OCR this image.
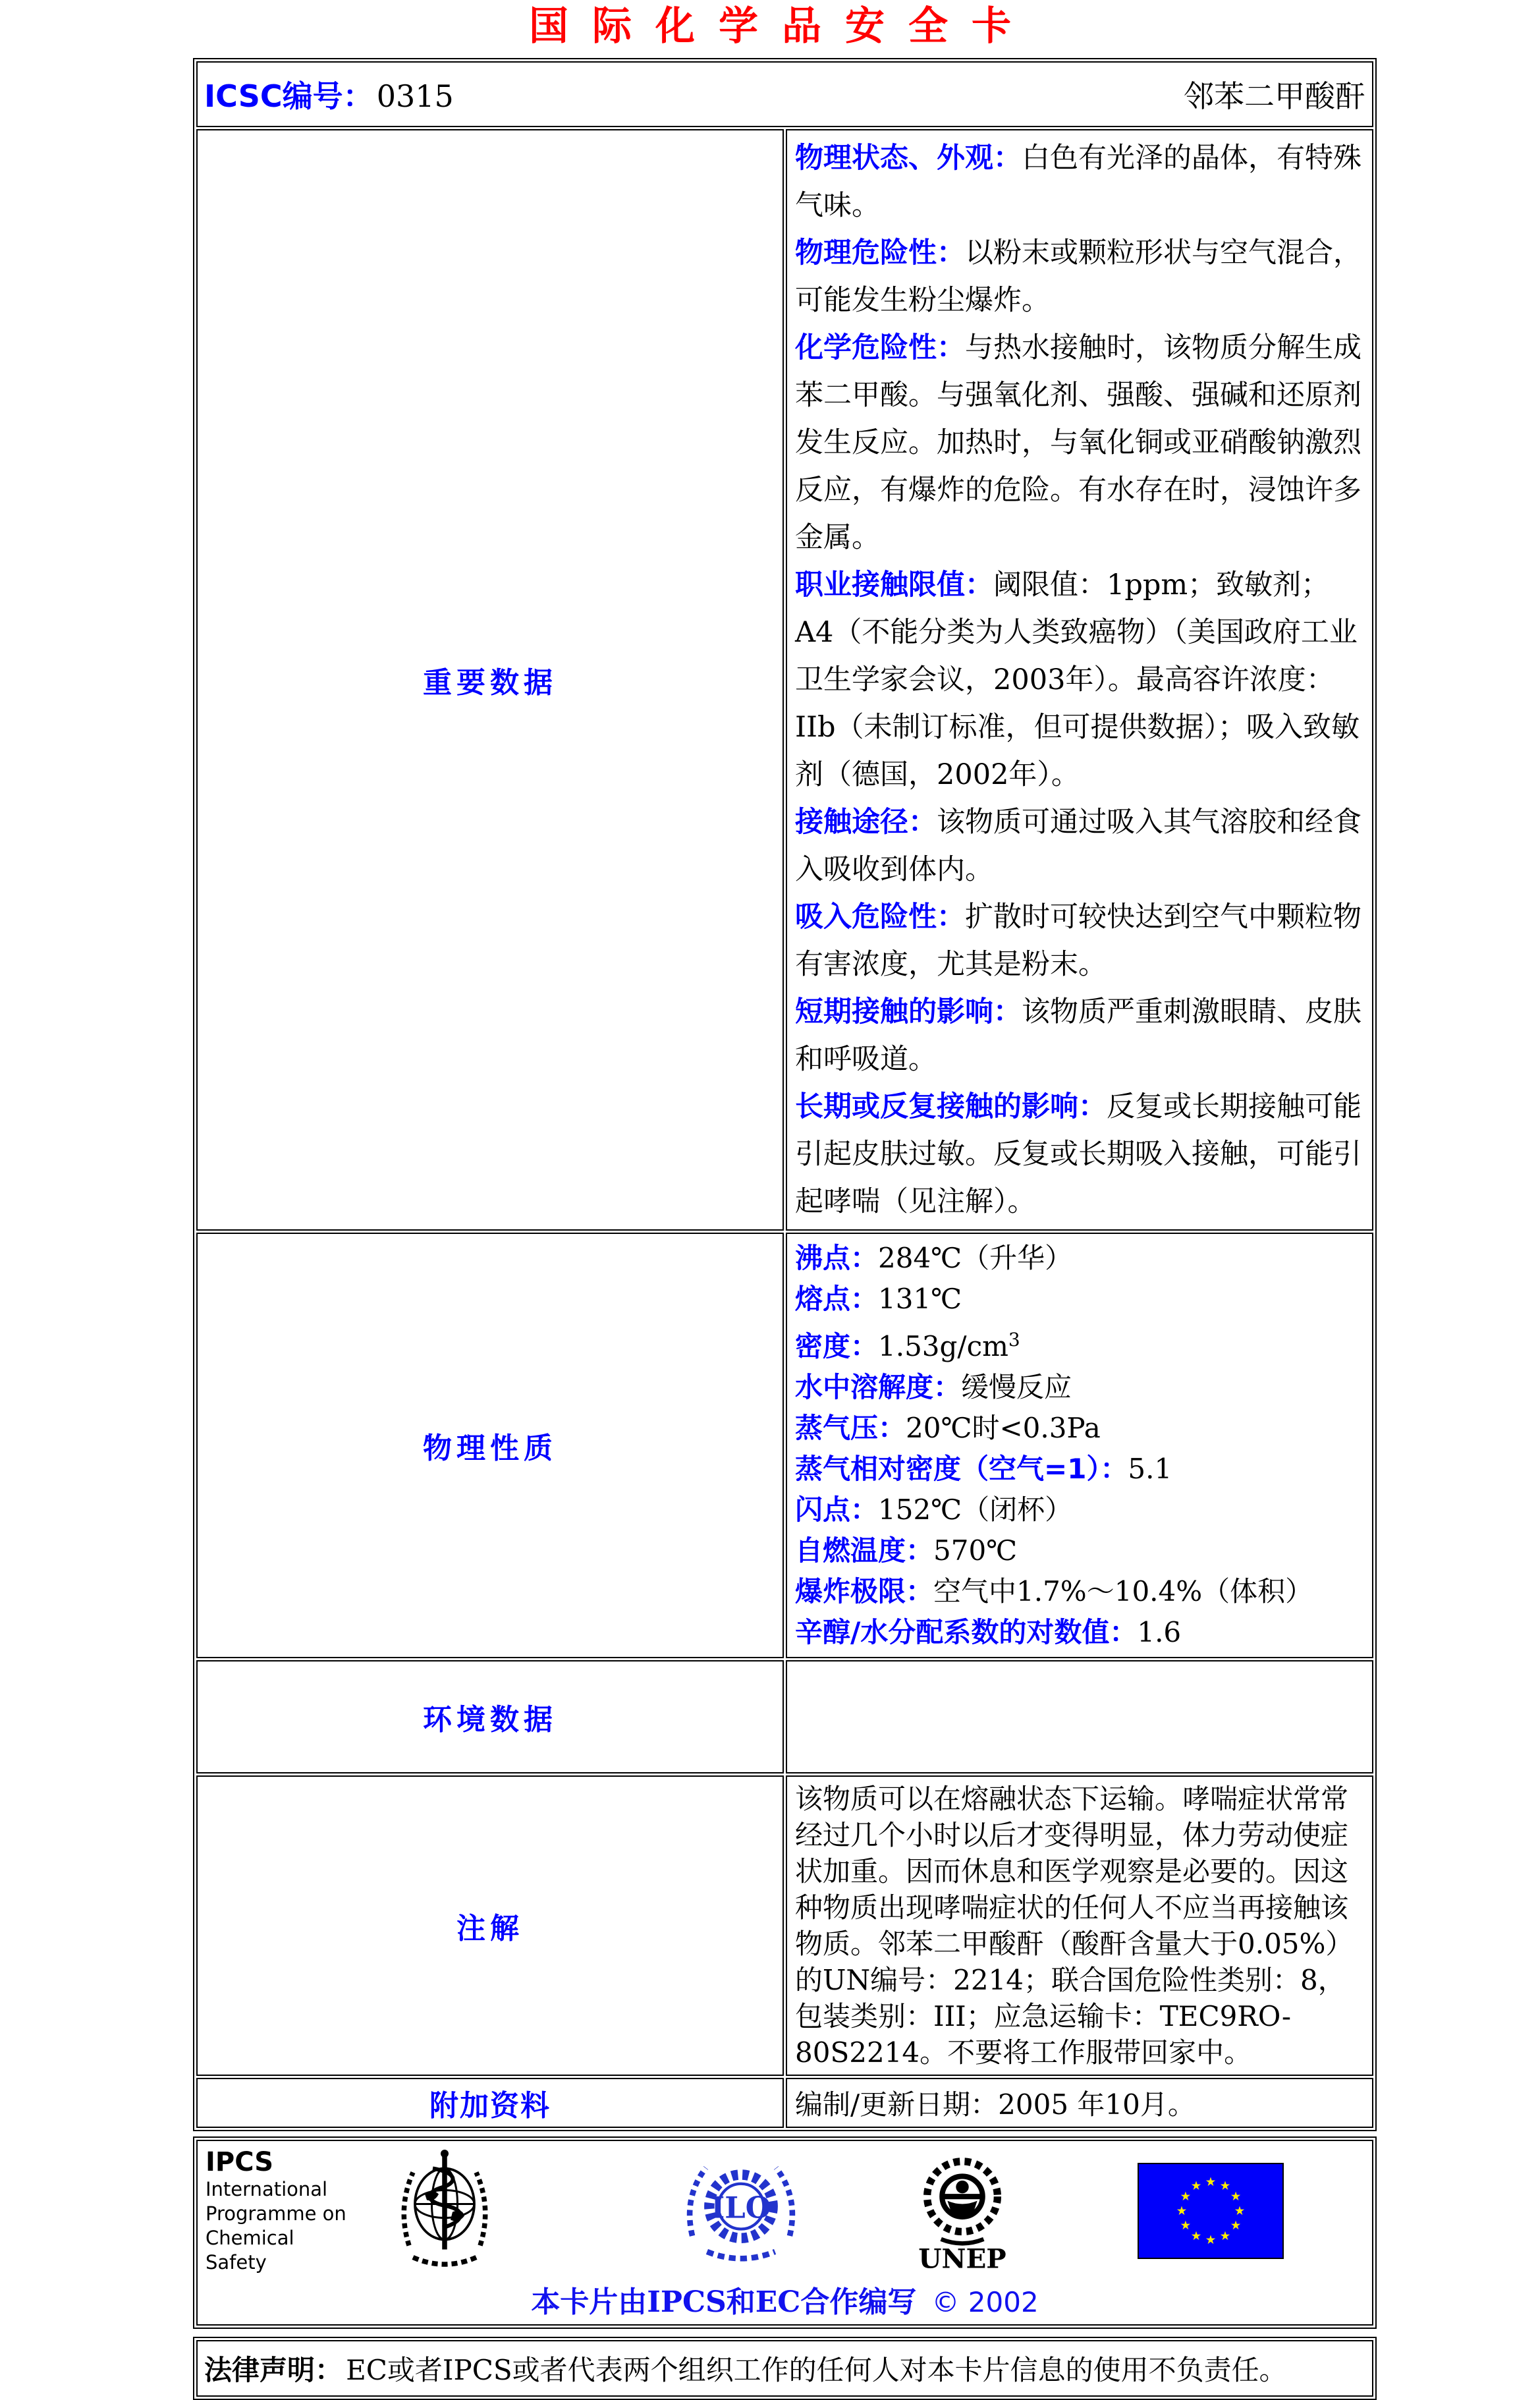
国际化学品安全卡
ICSC编号： 0315 邻苯二甲酸酐	

重要数据	
物理状态、外观：白色有光泽的晶体，有特殊气味。
物理危险性：以粉末或颗粒形状与空气混合，可能发生粉尘爆炸。
化学危险性：与热水接触时，该物质分解生成苯二甲酸。与强氧化剂、强酸、强碱和还原剂发生反应。加热时，与氧化铜或亚硝酸钠激烈反应，有爆炸的危险。有水存在时，浸蚀许多金属。
职业接触限值：阈限值：1ppm；致敏剂；A4（不能分类为人类致癌物）（美国政府工业卫生学家会议，2003年）。最高容许浓度：IIb（未制订标准，但可提供数据）；吸入致敏剂（德国，2002年）。
接触途径：该物质可通过吸入其气溶胶和经食入吸收到体内。
吸入危险性：扩散时可较快达到空气中颗粒物有害浓度，尤其是粉末。
短期接触的影响：该物质严重刺激眼睛、皮肤和呼吸道。
长期或反复接触的影响：反复或长期接触可能引起皮肤过敏。反复或长期吸入接触，可能引起哮喘（见注解）。

物理性质	
沸点：284℃（升华）
熔点：131℃
密度：$1.53g/cm^3$
水中溶解度：缓慢反应
蒸气压：20℃时<0.3Pa
蒸气相对密度（空气=1）：5.1
闪点：152℃（闭杯）
自燃温度：570℃
爆炸极限：空气中1.7%～10.4%（体积）
辛醇/水分配系数的对数值：1.6

环境数据	
注解	该物质可以在熔融状态下运输。哮喘症状常常经过几个小时以后才变得明显，体力劳动使症状加重。因而休息和医学观察是必要的。因这种物质出现哮喘症状的任何人不应当再接触该物质。邻苯二甲酸酐（酸酐含量大于0.05%）的UN编号：2214；联合国危险性类别：8，包装类别：III；应急运输卡：TEC9RO-80S2214。不要将工作服带回家中。

附加资料	编制/更新日期：2005 年10月。
IPCS
International
Programme on
Chemical Safety
ILO
UNEP
本卡片由IPCS和EC合作编写 © 2002
法律声明： EC或者IPCS或者代表两个组织工作的任何人对本卡片信息的使用不负责任。
